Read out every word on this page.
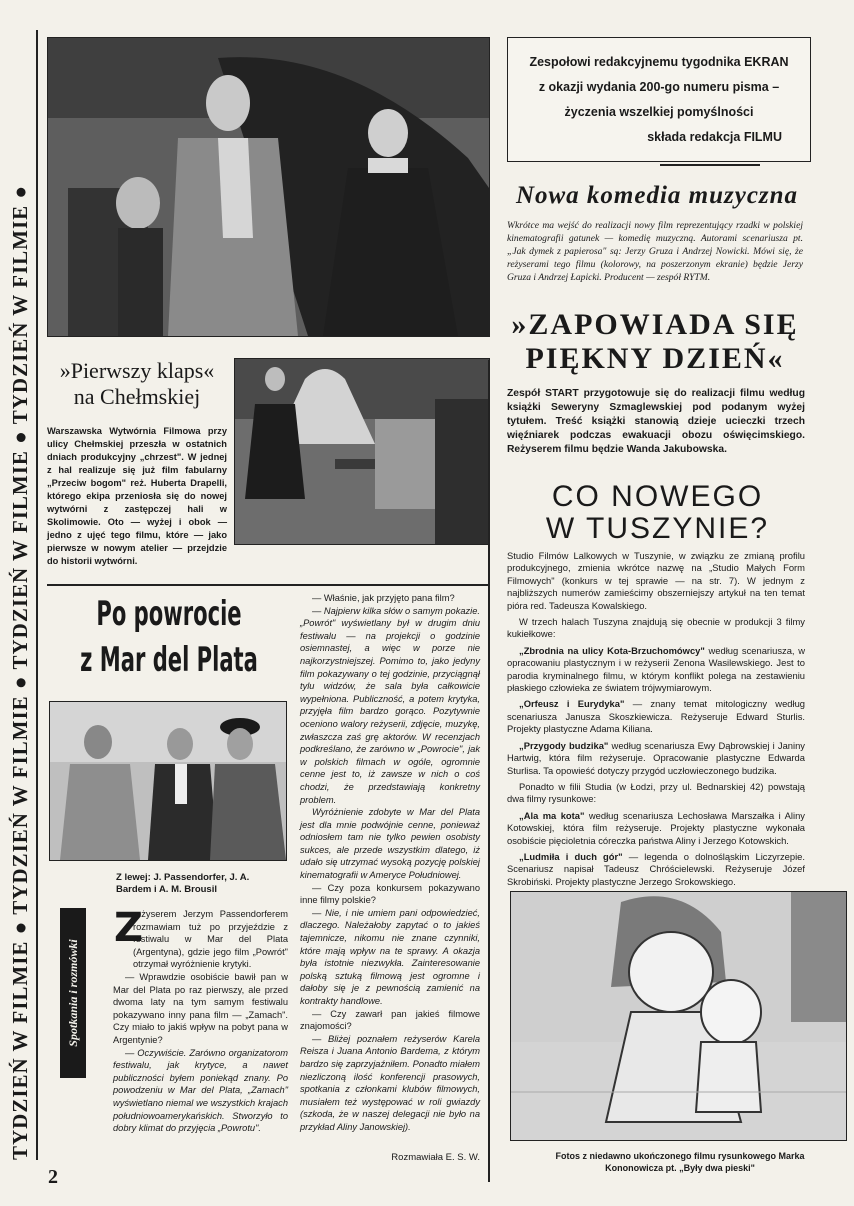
TYDZIEŃ W FILMIE ● TYDZIEŃ W FILMIE ● TYDZIEŃ W FILMIE ● TYDZIEŃ W FILMIE ●
Zespołowi redakcyjnemu tygodnika EKRAN
z okazji wydania 200-go numeru pisma –
życzenia wszelkiej pomyślności
składa redakcja FILMU
Nowa komedia muzyczna
Wkrótce ma wejść do realizacji nowy film reprezentujący rzadki w polskiej kinematografii gatunek — komedię muzyczną. Autorami scenariusza pt. „Jak dymek z papierosa" są: Jerzy Gruza i Andrzej Nowicki. Mówi się, że reżyserami tego filmu (kolorowy, na poszerzonym ekranie) będzie Jerzy Gruza i Andrzej Łapicki. Producent — zespół RYTM.
»ZAPOWIADA SIĘ
PIĘKNY DZIEŃ«
Zespół START przygotowuje się do realizacji filmu według książki Seweryny Szmaglewskiej pod podanym wyżej tytułem. Treść książki stanowią dzieje ucieczki trzech więźniarek podczas ewakuacji obozu oświęcimskiego. Reżyserem filmu będzie Wanda Jakubowska.
»Pierwszy klaps«
na Chełmskiej
Warszawska Wytwórnia Filmowa przy ulicy Chełmskiej przeszła w ostatnich dniach produkcyjny „chrzest". W jednej z hal realizuje się już film fabularny „Przeciw bogom" reż. Huberta Drapelli, którego ekipa przeniosła się do nowej wytwórni z zastępczej hali w Skolimowie. Oto — wyżej i obok — jedno z ujęć tego filmu, które — jako pierwsze w nowym atelier — przejdzie do historii wytwórni.
Po powrocie
z Mar del Plata
Z lewej: J. Passendorfer, J. A. Bardem i A. M. Brousil
Spotkania i rozmówki
Z

reżyserem Jerzym Passendorferem rozmawiam tuż po przyjeździe z festiwalu w Mar del Plata (Argentyna), gdzie jego film „Powrót" otrzymał wyróżnienie krytyki.

— Wprawdzie osobiście bawił pan w Mar del Plata po raz pierwszy, ale przed dwoma laty na tym samym festiwalu pokazywano inny pana film — „Zamach". Czy miało to jakiś wpływ na pobyt pana w Argentynie?

— Oczywiście. Zarówno organizatorom festiwalu, jak krytyce, a nawet publiczności byłem poniekąd znany. Po powodzeniu w Mar del Plata, „Zamach" wyświetlano niemal we wszystkich krajach południowoamerykańskich. Stworzyło to dobry klimat do przyjęcia „Powrotu".

— Właśnie, jak przyjęto pana film?

— Najpierw kilka słów o samym pokazie. „Powrót" wyświetlany był w drugim dniu festiwalu — na projekcji o godzinie osiemnastej, a więc w porze nie najkorzystniejszej. Pomimo to, jako jedyny film pokazywany o tej godzinie, przyciągnął tylu widzów, że sala była całkowicie wypełniona. Publiczność, a potem krytyka, przyjęła film bardzo gorąco. Pozytywnie oceniono walory reżyserii, zdjęcie, muzykę, zwłaszcza zaś grę aktorów. W recenzjach podkreślano, że zarówno w „Powrocie", jak w polskich filmach w ogóle, ogromnie cenne jest to, iż zawsze w nich o coś chodzi, że przedstawiają konkretny problem.

Wyróżnienie zdobyte w Mar del Plata jest dla mnie podwójnie cenne, ponieważ odniosłem tam nie tylko pewien osobisty sukces, ale przede wszystkim dlatego, iż udało się utrzymać wysoką pozycję polskiej kinematografii w Ameryce Południowej.

— Czy poza konkursem pokazywano inne filmy polskie?

— Nie, i nie umiem pani odpowiedzieć, dlaczego. Należałoby zapytać o to jakieś tajemnicze, nikomu nie znane czynniki, które mają wpływ na te sprawy. A okazja była istotnie niezwykła. Zainteresowanie polską sztuką filmową jest ogromne i dałoby się je z pewnością zamienić na kontrakty handlowe.

— Czy zawarł pan jakieś filmowe znajomości?

— Bliżej poznałem reżyserów Karela Reisza i Juana Antonio Bardema, z którym bardzo się zaprzyjaźniłem. Ponadto miałem niezliczoną ilość konferencji prasowych, spotkania z członkami klubów filmowych, musiałem też występować w roli gwiazdy (szkoda, że w naszej delegacji nie było na przykład Aliny Janowskiej).

Rozmawiała E. S. W.
CO NOWEGO
W TUSZYNIE?

Studio Filmów Lalkowych w Tuszynie, w związku ze zmianą profilu produkcyjnego, zmienia wkrótce nazwę na „Studio Małych Form Filmowych" (konkurs w tej sprawie — na str. 7). W jednym z najbliższych numerów zamieścimy obszerniejszy artykuł na ten temat pióra red. Tadeusza Kowalskiego.

W trzech halach Tuszyna znajdują się obecnie w produkcji 3 filmy kukiełkowe:

„Zbrodnia na ulicy Kota-Brzuchomówcy" według scenariusza, w opracowaniu plastycznym i w reżyserii Zenona Wasilewskiego. Jest to parodia kryminalnego filmu, w którym konflikt polega na zestawieniu płaskiego człowieka ze światem trójwymiarowym.

„Orfeusz i Eurydyka" — znany temat mitologiczny według scenariusza Janusza Skoszkiewicza. Reżyseruje Edward Sturlis. Projekty plastyczne Adama Kiliana.

„Przygody budzika" według scenariusza Ewy Dąbrowskiej i Janiny Hartwig, która film reżyseruje. Opracowanie plastyczne Edwarda Sturlisa. Ta opowieść dotyczy przygód uczłowieczonego budzika.

Ponadto w filii Studia (w Łodzi, przy ul. Bednarskiej 42) powstają dwa filmy rysunkowe:

„Ala ma kota" według scenariusza Lechosława Marszałka i Aliny Kotowskiej, która film reżyseruje. Projekty plastyczne wykonała osobiście pięcioletnia córeczka państwa Aliny i Jerzego Kotowskich.

„Ludmiła i duch gór" — legenda o dolnośląskim Liczyrzepie. Scenariusz napisał Tadeusz Chróścielewski. Reżyseruje Józef Skrobiński. Projekty plastyczne Jerzego Srokowskiego.

Fotos z niedawno ukończonego filmu rysunkowego Marka Kononowicza pt. „Były dwa pieski"
2
